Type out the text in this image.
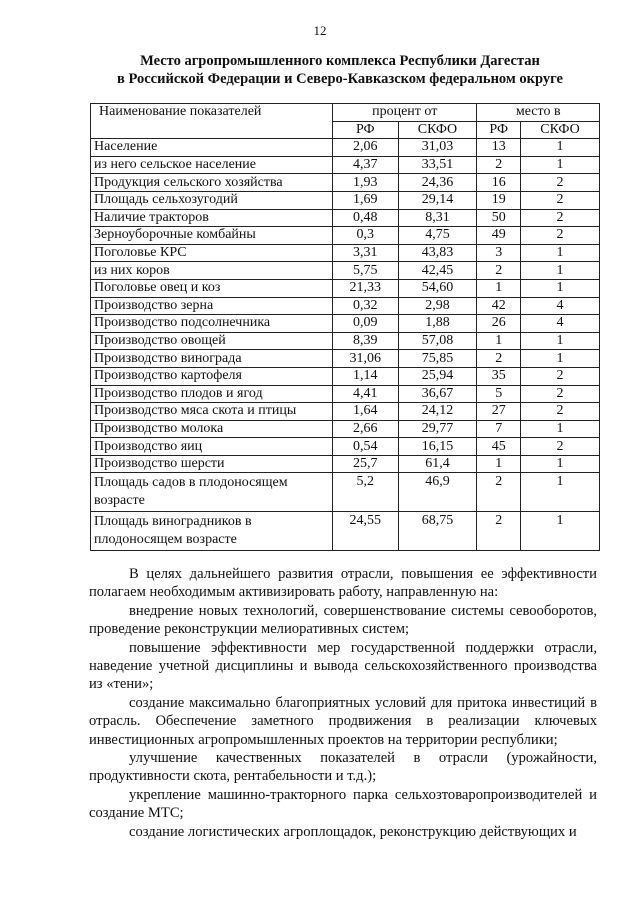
12
Место агропромышленного комплекса Республики Дагестан
в Российской Федерации и Северо-Кавказском федеральном округе
Наименование показателей	процент от		место в	
	РФ	СКФО	РФ	СКФО
Население	2,06	31,03	13	1
из него сельское население	4,37	33,51	2	1
Продукция сельского хозяйства	1,93	24,36	16	2
Площадь сельхозугодий	1,69	29,14	19	2
Наличие тракторов	0,48	8,31	50	2
Зерноуборочные комбайны	0,3	4,75	49	2
Поголовье КРС	3,31	43,83	3	1
из них коров	5,75	42,45	2	1
Поголовье овец и коз	21,33	54,60	1	1
Производство зерна	0,32	2,98	42	4
Производство подсолнечника	0,09	1,88	26	4
Производство овощей	8,39	57,08	1	1
Производство винограда	31,06	75,85	2	1
Производство картофеля	1,14	25,94	35	2
Производство плодов и ягод	4,41	36,67	5	2
Производство мяса скота и птицы	1,64	24,12	27	2
Производство молока	2,66	29,77	7	1
Производство яиц	0,54	16,15	45	2
Производство шерсти	25,7	61,4	1	1
Площадь садов в плодоносящем возрасте	5,2	46,9	2	1
Площадь виноградников в плодоносящем возрасте	24,55	68,75	2	1

В целях дальнейшего развития отрасли, повышения ее эффективности полагаем необходимым активизировать работу, направленную на:

внедрение новых технологий, совершенствование системы севооборотов, проведение реконструкции мелиоративных систем;

повышение эффективности мер государственной поддержки отрасли, наведение учетной дисциплины и вывода сельскохозяйственного производства из «тени»;

создание максимально благоприятных условий для притока инвестиций в отрасль. Обеспечение заметного продвижения в реализации ключевых инвестиционных агропромышленных проектов на территории республики;

улучшение качественных показателей в отрасли (урожайности, продуктивности скота, рентабельности и т.д.);

укрепление машинно-тракторного парка сельхозтоваропроизводителей и создание МТС;

создание логистических агроплощадок, реконструкцию действующих и
